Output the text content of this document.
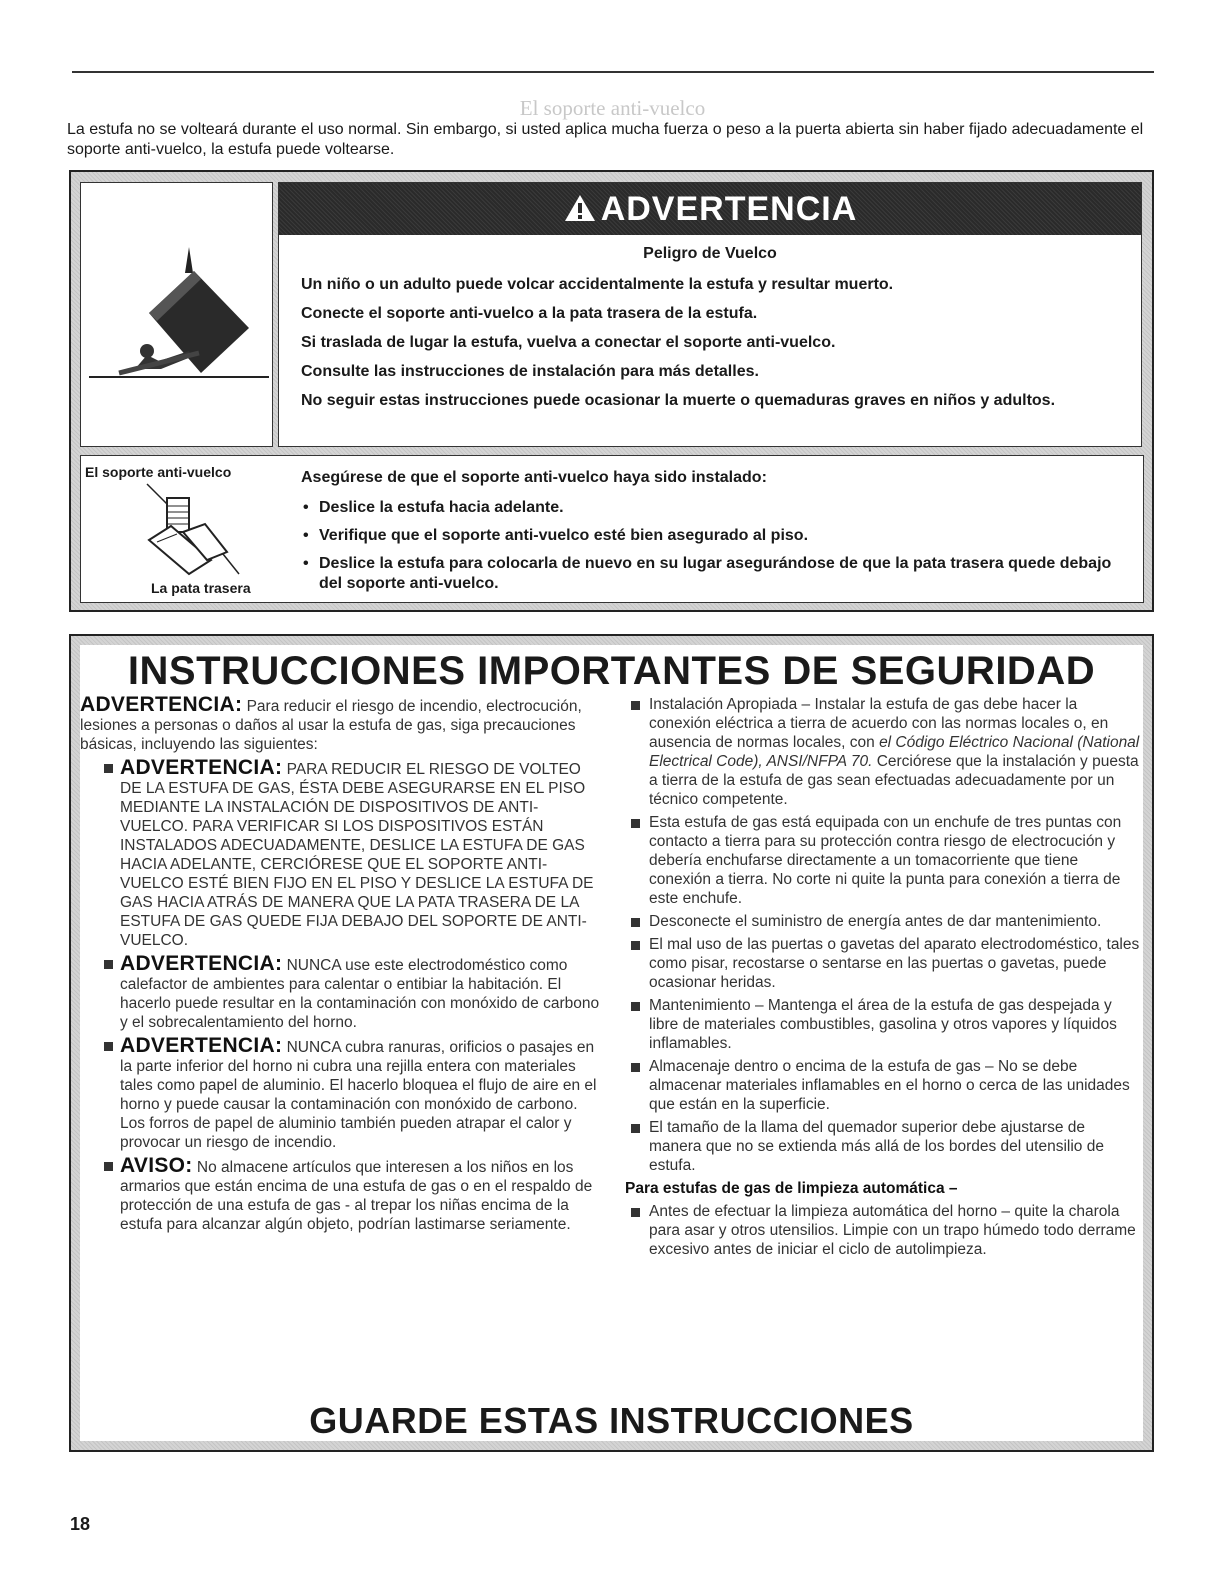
El soporte anti-vuelco

La estufa no se volteará durante el uso normal. Sin embargo, si usted aplica mucha fuerza o peso a la puerta abierta sin haber fijado adecuadamente el soporte anti-vuelco, la estufa puede voltearse.

ADVERTENCIA
Peligro de Vuelco
Un niño o un adulto puede volcar accidentalmente la estufa y resultar muerto.
Conecte el soporte anti-vuelco a la pata trasera de la estufa.
Si traslada de lugar la estufa, vuelva a conectar el soporte anti-vuelco.
Consulte las instrucciones de instalación para más detalles.
No seguir estas instrucciones puede ocasionar la muerte o quemaduras graves en niños y adultos.
El soporte anti-vuelco
La pata trasera
Asegúrese de que el soporte anti-vuelco haya sido instalado:
• Deslice la estufa hacia adelante.
• Verifique que el soporte anti-vuelco esté bien asegurado al piso.
• Deslice la estufa para colocarla de nuevo en su lugar asegurándose de que la pata trasera quede debajo del soporte anti-vuelco.
INSTRUCCIONES IMPORTANTES DE SEGURIDAD

ADVERTENCIA: Para reducir el riesgo de incendio, electrocución, lesiones a personas o daños al usar la estufa de gas, siga precauciones básicas, incluyendo las siguientes:

ADVERTENCIA: PARA REDUCIR EL RIESGO DE VOLTEO DE LA ESTUFA DE GAS, ÉSTA DEBE ASEGURARSE EN EL PISO MEDIANTE LA INSTALACIÓN DE DISPOSITIVOS DE ANTI-VUELCO. PARA VERIFICAR SI LOS DISPOSITIVOS ESTÁN INSTALADOS ADECUADAMENTE, DESLICE LA ESTUFA DE GAS HACIA ADELANTE, CERCIÓRESE QUE EL SOPORTE ANTI-VUELCO ESTÉ BIEN FIJO EN EL PISO Y DESLICE LA ESTUFA DE GAS HACIA ATRÁS DE MANERA QUE LA PATA TRASERA DE LA ESTUFA DE GAS QUEDE FIJA DEBAJO DEL SOPORTE DE ANTI-VUELCO.

ADVERTENCIA: NUNCA use este electrodoméstico como calefactor de ambientes para calentar o entibiar la habitación. El hacerlo puede resultar en la contaminación con monóxido de carbono y el sobrecalentamiento del horno.

ADVERTENCIA: NUNCA cubra ranuras, orificios o pasajes en la parte inferior del horno ni cubra una rejilla entera con materiales tales como papel de aluminio. El hacerlo bloquea el flujo de aire en el horno y puede causar la contaminación con monóxido de carbono. Los forros de papel de aluminio también pueden atrapar el calor y provocar un riesgo de incendio.

AVISO: No almacene artículos que interesen a los niños en los armarios que están encima de una estufa de gas o en el respaldo de protección de una estufa de gas - al trepar los niñas encima de la estufa para alcanzar algún objeto, podrían lastimarse seriamente.

Instalación Apropiada – Instalar la estufa de gas debe hacer la conexión eléctrica a tierra de acuerdo con las normas locales o, en ausencia de normas locales, con el Código Eléctrico Nacional (National Electrical Code), ANSI/NFPA 70. Cerciórese que la instalación y puesta a tierra de la estufa de gas sean efectuadas adecuadamente por un técnico competente.

Esta estufa de gas está equipada con un enchufe de tres puntas con contacto a tierra para su protección contra riesgo de electrocución y debería enchufarse directamente a un tomacorriente que tiene conexión a tierra. No corte ni quite la punta para conexión a tierra de este enchufe.

Desconecte el suministro de energía antes de dar mantenimiento.

El mal uso de las puertas o gavetas del aparato electrodoméstico, tales como pisar, recostarse o sentarse en las puertas o gavetas, puede ocasionar heridas.

Mantenimiento – Mantenga el área de la estufa de gas despejada y libre de materiales combustibles, gasolina y otros vapores y líquidos inflamables.

Almacenaje dentro o encima de la estufa de gas – No se debe almacenar materiales inflamables en el horno o cerca de las unidades que están en la superficie.

El tamaño de la llama del quemador superior debe ajustarse de manera que no se extienda más allá de los bordes del utensilio de estufa.

Para estufas de gas de limpieza automática –

Antes de efectuar la limpieza automática del horno – quite la charola para asar y otros utensilios. Limpie con un trapo húmedo todo derrame excesivo antes de iniciar el ciclo de autolimpieza.

GUARDE ESTAS INSTRUCCIONES
18
